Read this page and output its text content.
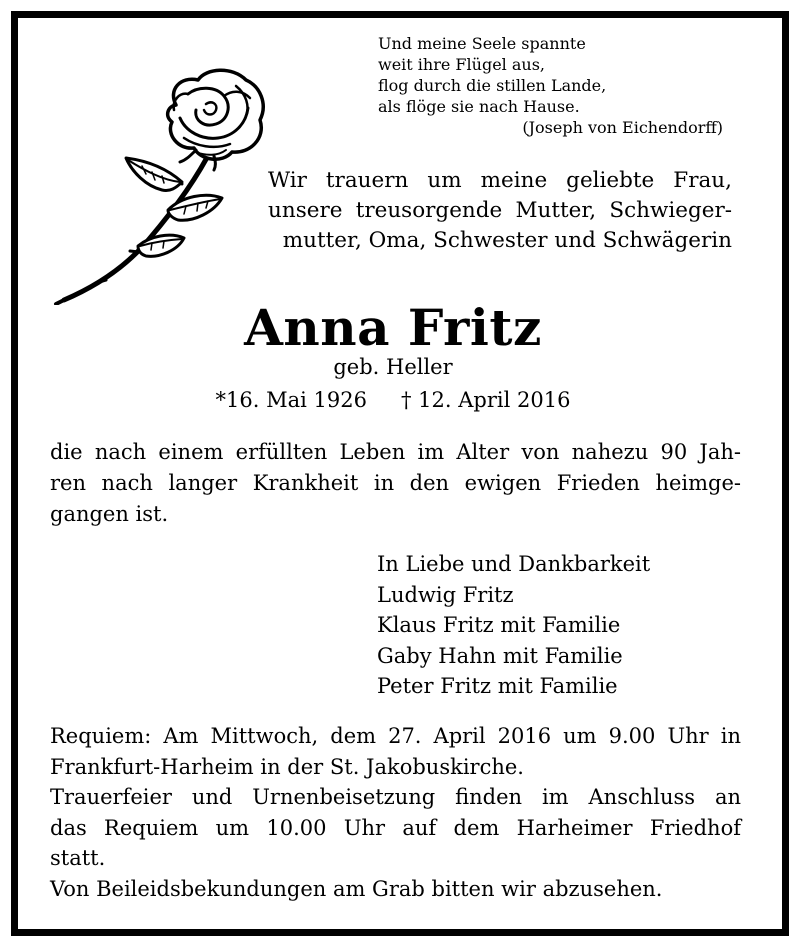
Und meine Seele spannte
weit ihre Flügel aus,
flog durch die stillen Lande,
als flöge sie nach Hause.
(Joseph von Eichendorff)
Wir trauern um meine geliebte Frau,
unsere treusorgende Mutter, Schwieger-
mutter, Oma, Schwester und Schwägerin
Anna Fritz
geb. Heller
*16. Mai 1926 † 12. April 2016
die nach einem erfüllten Leben im Alter von nahezu 90 Jah-
ren nach langer Krankheit in den ewigen Frieden heimge-
gangen ist.
In Liebe und Dankbarkeit
Ludwig Fritz
Klaus Fritz mit Familie
Gaby Hahn mit Familie
Peter Fritz mit Familie
Requiem: Am Mittwoch, dem 27. April 2016 um 9.00 Uhr in
Frankfurt-Harheim in der St. Jakobuskirche.
Trauerfeier und Urnenbeisetzung finden im Anschluss an
das Requiem um 10.00 Uhr auf dem Harheimer Friedhof
statt.
Von Beileidsbekundungen am Grab bitten wir abzusehen.
